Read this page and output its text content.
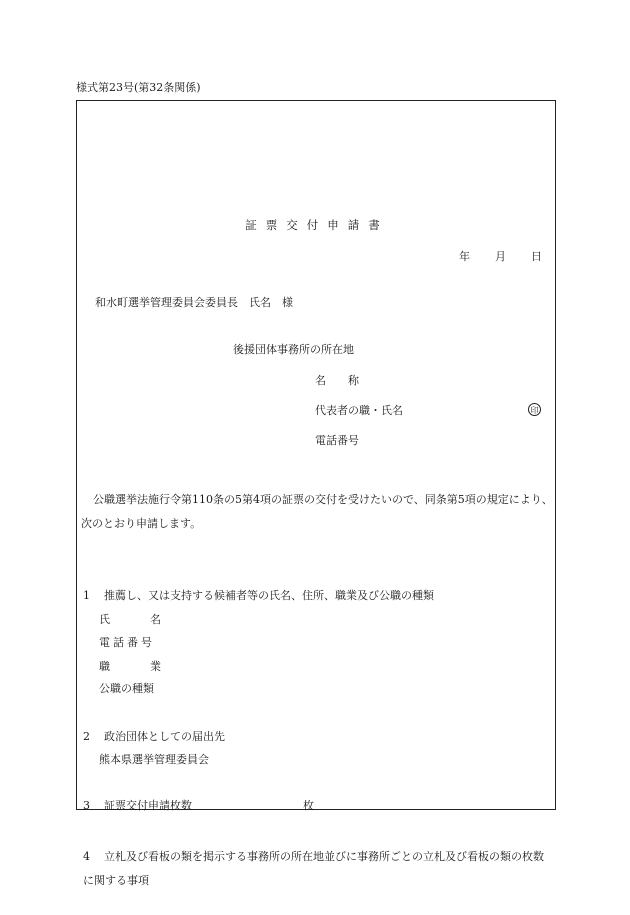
様式第23号(第32条関係)
証票交付申請書
年 月 日
和水町選挙管理委員会委員長　氏名　様
後援団体事務所の所在地
名　　称
代表者の職・氏名	印
電話番号
公職選挙法施行令第110条の5第4項の証票の交付を受けたいので、同条第5項の規定により、次のとおり申請します。
1 推薦し、又は支持する候補者等の氏名、住所、職業及び公職の種類
氏名
電話番号
職業
公職の種類
2 政治団体としての届出先
熊本県選挙管理委員会
3 証票交付申請枚数	枚
4 立札及び看板の類を掲示する事務所の所在地並びに事務所ごとの立札及び看板の類の枚数に関する事項
